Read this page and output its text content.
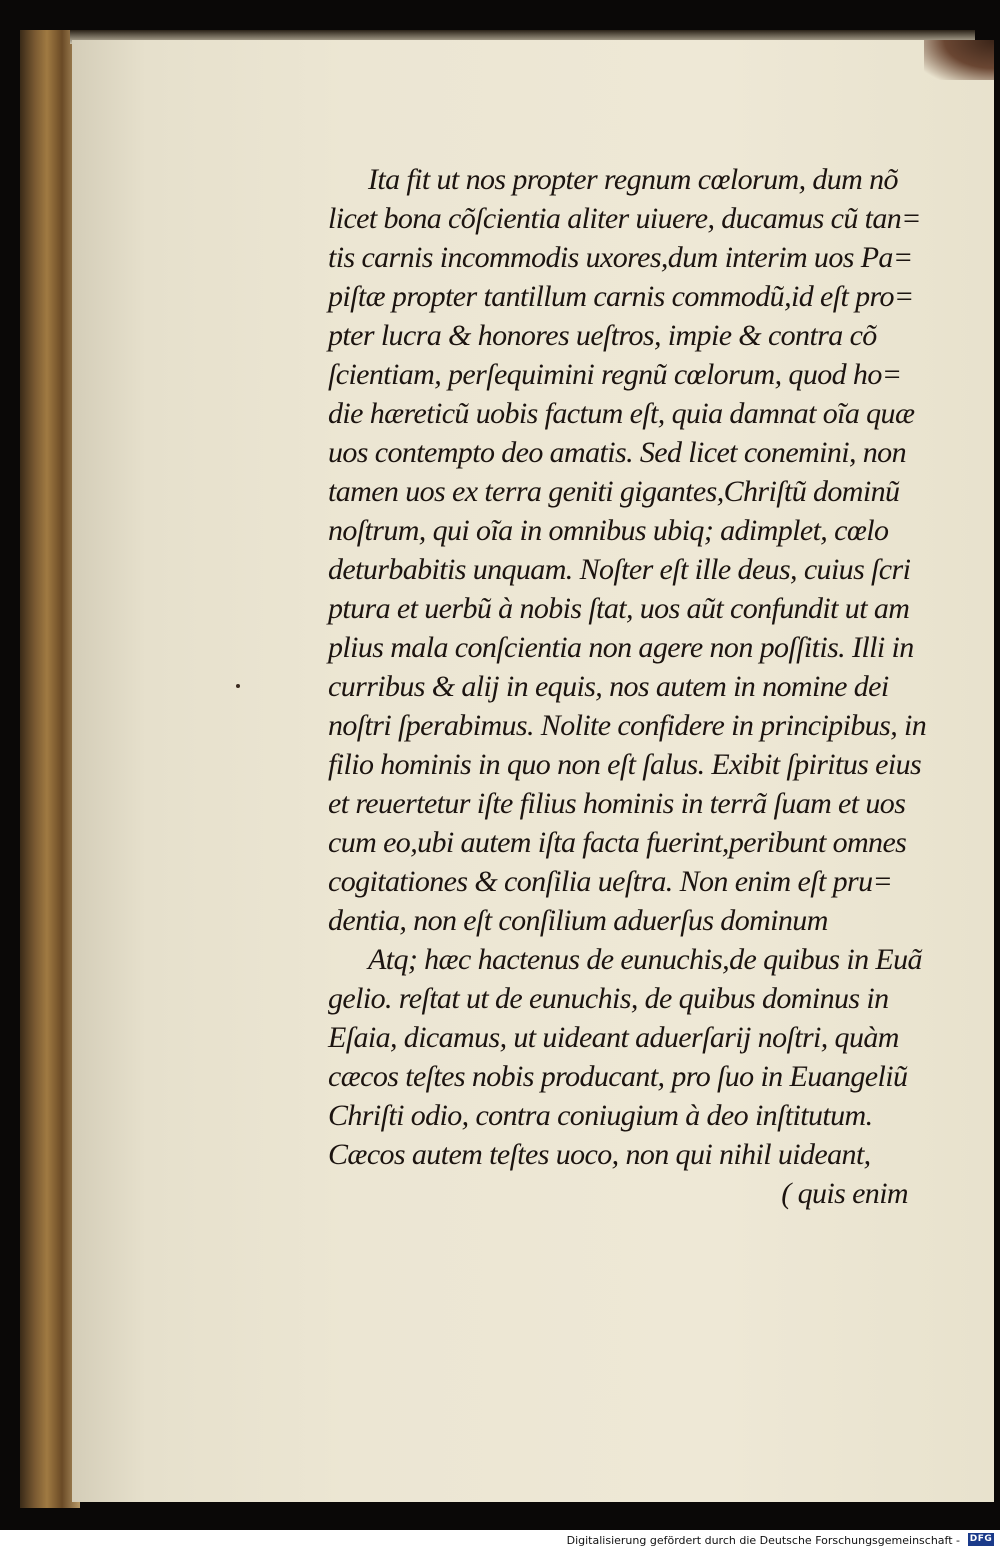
Ita fit ut nos propter regnum cœlorum, dum nõ
licet bona cõſcientia aliter uiuere, ducamus cũ tan=
tis carnis incommodis uxores,dum interim uos Pa=
piſtæ propter tantillum carnis commodũ,id eſt pro=
pter lucra & honores ueſtros, impie & contra cõ
ſcientiam, perſequimini regnũ cœlorum, quod ho=
die hæreticũ uobis factum eſt, quia damnat oĩa quæ
uos contempto deo amatis. Sed licet conemini, non
tamen uos ex terra geniti gigantes,Chriſtũ dominũ
noſtrum, qui oĩa in omnibus ubiq; adimplet, cœlo
deturbabitis unquam. Noſter eſt ille deus, cuius ſcri
ptura et uerbũ à nobis ſtat, uos aũt confundit ut am
plius mala conſcientia non agere non poſſitis. Illi in
curribus & alij in equis, nos autem in nomine dei
noſtri ſperabimus. Nolite confidere in principibus, in
filio hominis in quo non eſt ſalus. Exibit ſpiritus eius
et reuertetur iſte filius hominis in terrã ſuam et uos
cum eo,ubi autem iſta facta fuerint,peribunt omnes
cogitationes & conſilia ueſtra. Non enim eſt pru=
dentia, non eſt conſilium aduerſus dominum
Atq; hæc hactenus de eunuchis,de quibus in Euã
gelio. reſtat ut de eunuchis, de quibus dominus in
Eſaia, dicamus, ut uideant aduerſarij noſtri, quàm
cæcos teſtes nobis producant, pro ſuo in Euangeliũ
Chriſti odio, contra coniugium à deo inſtitutum.
Cæcos autem teſtes uoco, non qui nihil uideant,
( quis enim
Digitalisierung gefördert durch die Deutsche Forschungsgemeinschaft - DFG
